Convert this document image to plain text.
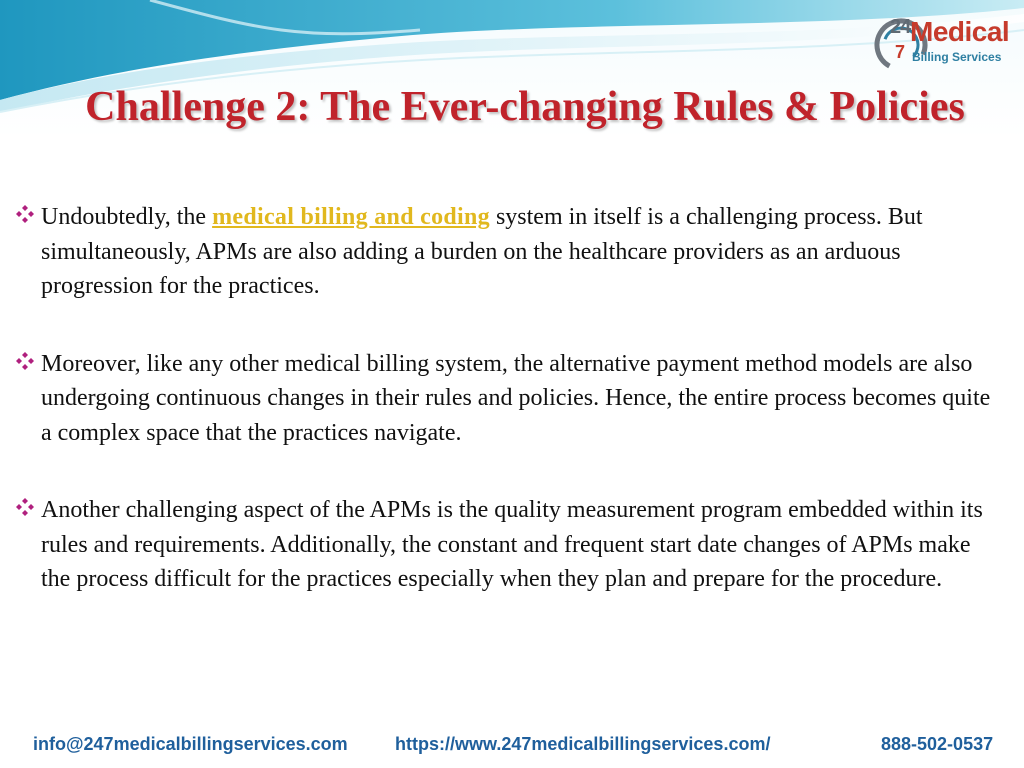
7
24 Medical
Billing Services
Challenge 2: The Ever-changing Rules & Policies
Undoubtedly, the medical billing and coding system in itself is a challenging process. But simultaneously, APMs are also adding a burden on the healthcare providers as an arduous progression for the practices.
Moreover, like any other medical billing system, the alternative payment method models are also undergoing continuous changes in their rules and policies. Hence, the entire process becomes quite a complex space that the practices navigate.
Another challenging aspect of the APMs is the quality measurement program embedded within its rules and requirements. Additionally, the constant and frequent start date changes of APMs make the process difficult for the practices especially when they plan and prepare for the procedure.
info@247medicalbillingservices.com	https://www.247medicalbillingservices.com/	888-502-0537
